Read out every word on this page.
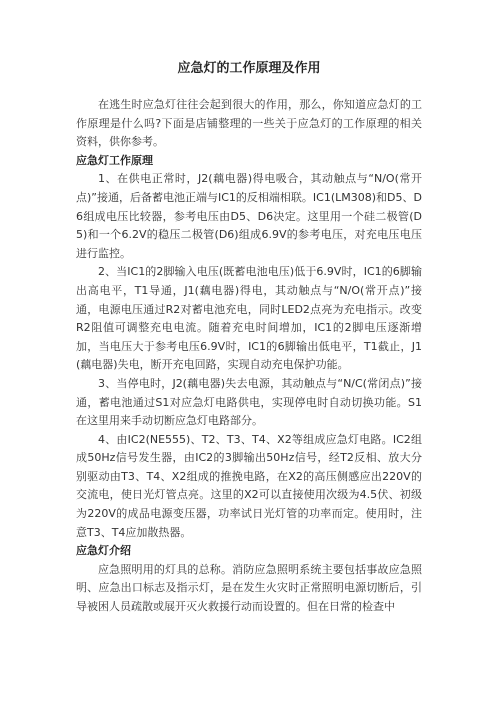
应急灯的工作原理及作用

在逃生时应急灯往往会起到很大的作用，那么，你知道应急灯的工作原理是什么吗?下面是店铺整理的一些关于应急灯的工作原理的相关资料，供你参考。

应急灯工作原理

1、在供电正常时，J2(藕电器)得电吸合，其动触点与“N/O(常开点)”接通，后备蓄电池正端与IC1的反相端相联。IC1(LM308)和D5、D6组成电压比较器，参考电压由D5、D6决定。这里用一个硅二极管(D5)和一个6.2V的稳压二极管(D6)组成6.9V的参考电压，对充电压电压进行监控。

2、当IC1的2脚输入电压(既蓄电池电压)低于6.9V时，IC1的6脚输出高电平，T1导通，J1(藕电器)得电，其动触点与“N/O(常开点)”接通，电源电压通过R2对蓄电池充电，同时LED2点亮为充电指示。改变R2阻值可调整充电电流。随着充电时间增加，IC1的2脚电压逐渐增加，当电压大于参考电压6.9V时，IC1的6脚输出低电平，T1截止，J1(藕电器)失电，断开充电回路，实现自动充电保护功能。

3、当停电时，J2(藕电器)失去电源，其动触点与“N/C(常闭点)”接通，蓄电池通过S1对应急灯电路供电，实现停电时自动切换功能。S1在这里用来手动切断应急灯电路部分。

4、由IC2(NE555)、T2、T3、T4、X2等组成应急灯电路。IC2组成50Hz信号发生器，由IC2的3脚输出50Hz信号，经T2反相、放大分别驱动由T3、T4、X2组成的推挽电路，在X2的高压侧感应出220V的交流电，使日光灯管点亮。这里的X2可以直接使用次级为4.5伏、初级为220V的成品电源变压器，功率试日光灯管的功率而定。使用时，注意T3、T4应加散热器。

应急灯介绍

应急照明用的灯具的总称。消防应急照明系统主要包括事故应急照明、应急出口标志及指示灯，是在发生火灾时正常照明电源切断后，引导被困人员疏散或展开灭火救援行动而设置的。但在日常的检查中
